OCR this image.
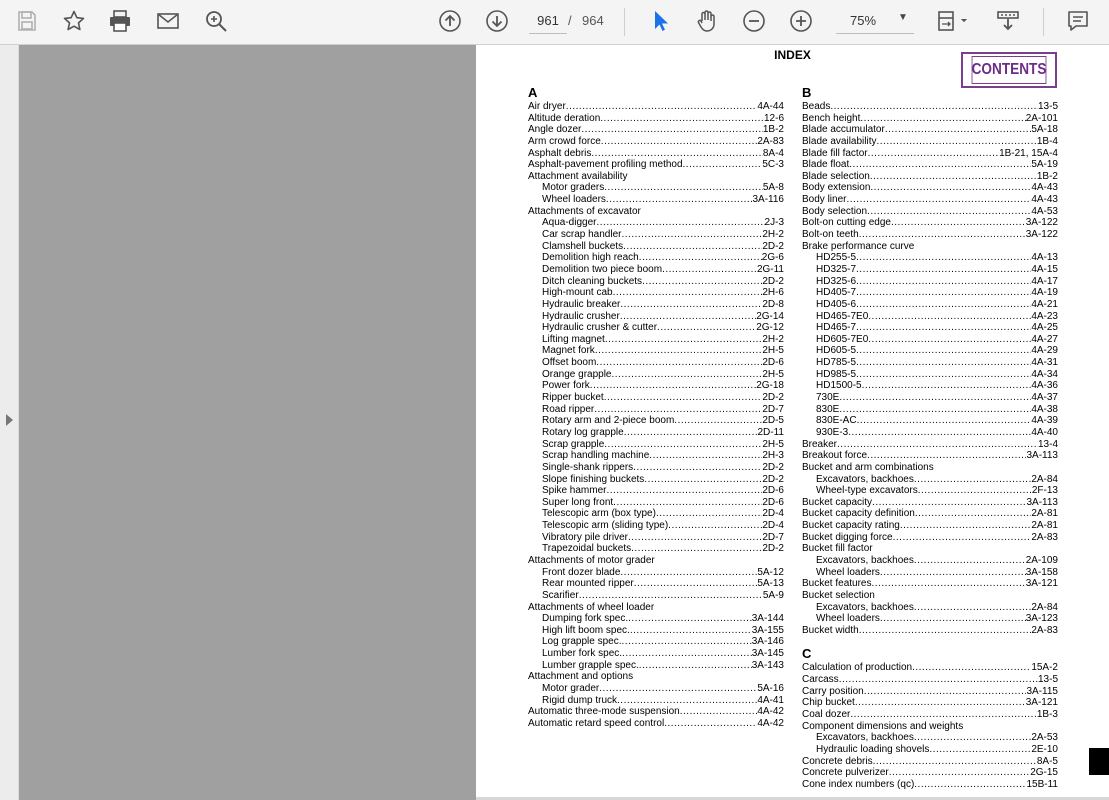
961
/ 964	75% ▼
INDEX
CONTENTS
A
Air dryer .....	4A-44
Altitude deration .....	12-6
Angle dozer .....	1B-2
Arm crowd force .....	2A-83
Asphalt debris .....	8A-4
Asphalt-pavement profiling method .....	5C-3
Attachment availability
Motor graders .....	5A-8
Wheel loaders .....	3A-116
Attachments of excavator
Aqua-digger .....	2J-3
Car scrap handler .....	2H-2
Clamshell buckets .....	2D-2
Demolition high reach .....	2G-6
Demolition two piece boom .....	2G-11
Ditch cleaning buckets .....	2D-2
High-mount cab .....	2H-6
Hydraulic breaker .....	2D-8
Hydraulic crusher .....	2G-14
Hydraulic crusher & cutter .....	2G-12
Lifting magnet .....	2H-2
Magnet fork .....	2H-5
Offset boom .....	2D-6
Orange grapple .....	2H-5
Power fork .....	2G-18
Ripper bucket .....	2D-2
Road ripper .....	2D-7
Rotary arm and 2-piece boom .....	2D-5
Rotary log grapple .....	2D-11
Scrap grapple .....	2H-5
Scrap handling machine .....	2H-3
Single-shank rippers .....	2D-2
Slope finishing buckets .....	2D-2
Spike hammer .....	2D-6
Super long front .....	2D-6
Telescopic arm (box type) .....	2D-4
Telescopic arm (sliding type) .....	2D-4
Vibratory pile driver .....	2D-7
Trapezoidal buckets .....	2D-2
Attachments of motor grader
Front dozer blade .....	5A-12
Rear mounted ripper .....	5A-13
Scarifier .....	5A-9
Attachments of wheel loader
Dumping fork spec. .....	3A-144
High lift boom spec. .....	3A-155
Log grapple spec. .....	3A-146
Lumber fork spec. .....	3A-145
Lumber grapple spec. .....	3A-143
Attachment and options
Motor grader .....	5A-16
Rigid dump truck .....	4A-41
Automatic three-mode suspension .....	4A-42
Automatic retard speed control .....	4A-42
B
Beads .....	13-5
Bench height .....	2A-101
Blade accumulator .....	5A-18
Blade availability .....	1B-4
Blade fill factor .....	1B-21, 15A-4
Blade float .....	5A-19
Blade selection .....	1B-2
Body extension .....	4A-43
Body liner .....	4A-43
Body selection .....	4A-53
Bolt-on cutting edge .....	3A-122
Bolt-on teeth .....	3A-122
Brake performance curve
HD255-5 .....	4A-13
HD325-7 .....	4A-15
HD325-6 .....	4A-17
HD405-7 .....	4A-19
HD405-6 .....	4A-21
HD465-7E0 .....	4A-23
HD465-7 .....	4A-25
HD605-7E0 .....	4A-27
HD605-5 .....	4A-29
HD785-5 .....	4A-31
HD985-5 .....	4A-34
HD1500-5 .....	4A-36
730E .....	4A-37
830E .....	4A-38
830E-AC .....	4A-39
930E-3 .....	4A-40
Breaker .....	13-4
Breakout force .....	3A-113
Bucket and arm combinations
Excavators, backhoes .....	2A-84
Wheel-type excavators .....	2F-13
Bucket capacity .....	3A-113
Bucket capacity definition .....	2A-81
Bucket capacity rating .....	2A-81
Bucket digging force .....	2A-83
Bucket fill factor
Excavators, backhoes .....	2A-109
Wheel loaders .....	3A-158
Bucket features .....	3A-121
Bucket selection
Excavators, backhoes .....	2A-84
Wheel loaders .....	3A-123
Bucket width .....	2A-83
C
Calculation of production .....	15A-2
Carcass .....	13-5
Carry position .....	3A-115
Chip bucket .....	3A-121
Coal dozer .....	1B-3
Component dimensions and weights
Excavators, backhoes .....	2A-53
Hydraulic loading shovels .....	2E-10
Concrete debris .....	8A-5
Concrete pulverizer .....	2G-15
Cone index numbers (qc) .....	15B-11
